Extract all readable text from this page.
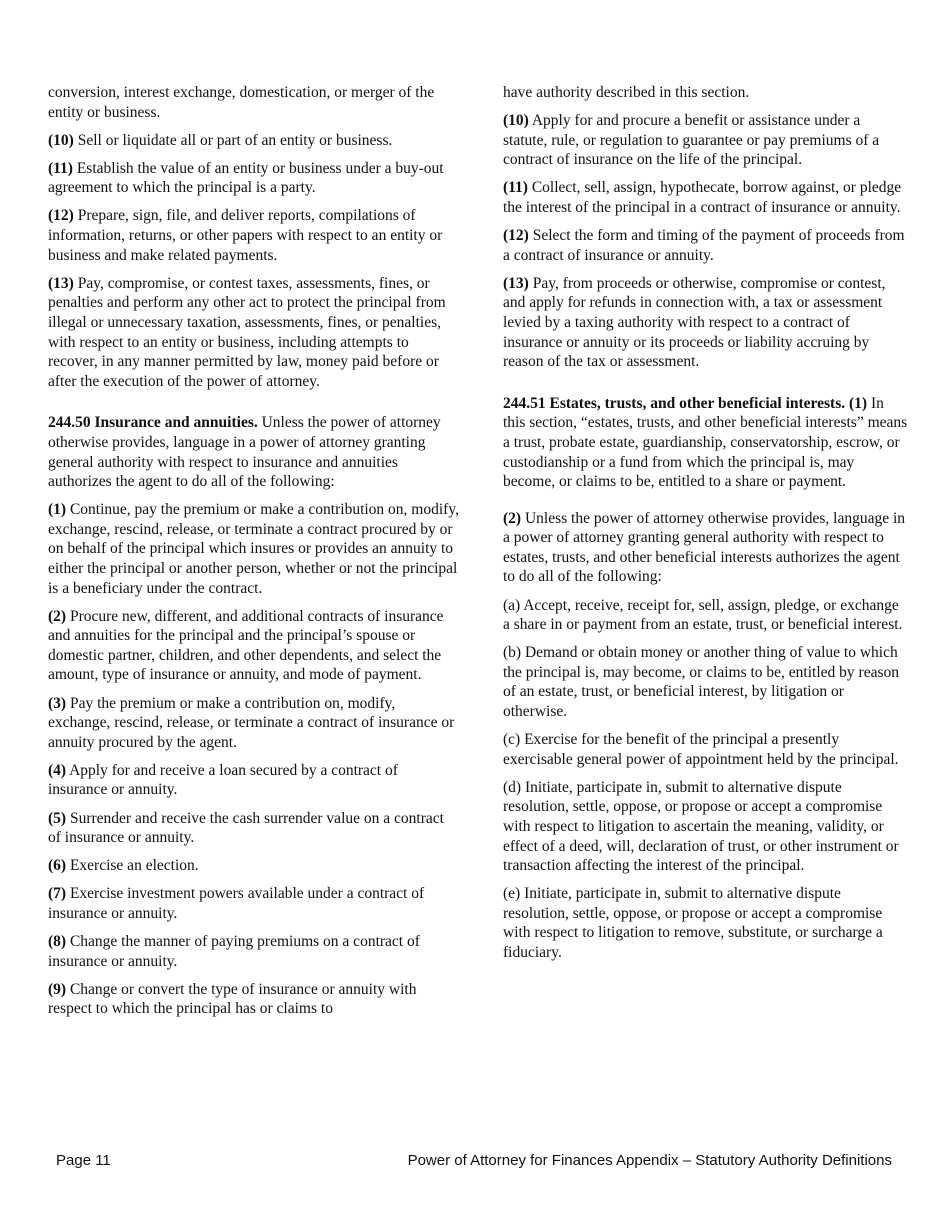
conversion, interest exchange, domestication, or merger of the entity or business.

(10) Sell or liquidate all or part of an entity or business.

(11) Establish the value of an entity or business under a buy-out agreement to which the principal is a party.

(12) Prepare, sign, file, and deliver reports, compilations of information, returns, or other papers with respect to an entity or business and make related payments.

(13) Pay, compromise, or contest taxes, assessments, fines, or penalties and perform any other act to protect the principal from illegal or unnecessary taxation, assessments, fines, or penalties, with respect to an entity or business, including attempts to recover, in any manner permitted by law, money paid before or after the execution of the power of attorney.

244.50 Insurance and annuities. Unless the power of attorney otherwise provides, language in a power of attorney granting general authority with respect to insurance and annuities authorizes the agent to do all of the following:

(1) Continue, pay the premium or make a contribution on, modify, exchange, rescind, release, or terminate a contract procured by or on behalf of the principal which insures or provides an annuity to either the principal or another person, whether or not the principal is a beneficiary under the contract.

(2) Procure new, different, and additional contracts of insurance and annuities for the principal and the principal’s spouse or domestic partner, children, and other dependents, and select the amount, type of insurance or annuity, and mode of payment.

(3) Pay the premium or make a contribution on, modify, exchange, rescind, release, or terminate a contract of insurance or annuity procured by the agent.

(4) Apply for and receive a loan secured by a contract of insurance or annuity.

(5) Surrender and receive the cash surrender value on a contract of insurance or annuity.

(6) Exercise an election.

(7) Exercise investment powers available under a contract of insurance or annuity.

(8) Change the manner of paying premiums on a contract of insurance or annuity.

(9) Change or convert the type of insurance or annuity with respect to which the principal has or claims to

have authority described in this section.

(10) Apply for and procure a benefit or assistance under a statute, rule, or regulation to guarantee or pay premiums of a contract of insurance on the life of the principal.

(11) Collect, sell, assign, hypothecate, borrow against, or pledge the interest of the principal in a contract of insurance or annuity.

(12) Select the form and timing of the payment of proceeds from a contract of insurance or annuity.

(13) Pay, from proceeds or otherwise, compromise or contest, and apply for refunds in connection with, a tax or assessment levied by a taxing authority with respect to a contract of insurance or annuity or its proceeds or liability accruing by reason of the tax or assessment.

244.51 Estates, trusts, and other beneficial interests. (1) In this section, “estates, trusts, and other beneficial interests” means a trust, probate estate, guardianship, conservatorship, escrow, or custodianship or a fund from which the principal is, may become, or claims to be, entitled to a share or payment.

(2) Unless the power of attorney otherwise provides, language in a power of attorney granting general authority with respect to estates, trusts, and other beneficial interests authorizes the agent to do all of the following:

(a) Accept, receive, receipt for, sell, assign, pledge, or exchange a share in or payment from an estate, trust, or beneficial interest.

(b) Demand or obtain money or another thing of value to which the principal is, may become, or claims to be, entitled by reason of an estate, trust, or beneficial interest, by litigation or otherwise.

(c) Exercise for the benefit of the principal a presently exercisable general power of appointment held by the principal.

(d) Initiate, participate in, submit to alternative dispute resolution, settle, oppose, or propose or accept a compromise with respect to litigation to ascertain the meaning, validity, or effect of a deed, will, declaration of trust, or other instrument or transaction affecting the interest of the principal.

(e) Initiate, participate in, submit to alternative dispute resolution, settle, oppose, or propose or accept a compromise with respect to litigation to remove, substitute, or surcharge a fiduciary.

Page 11	Power of Attorney for Finances Appendix – Statutory Authority Definitions
